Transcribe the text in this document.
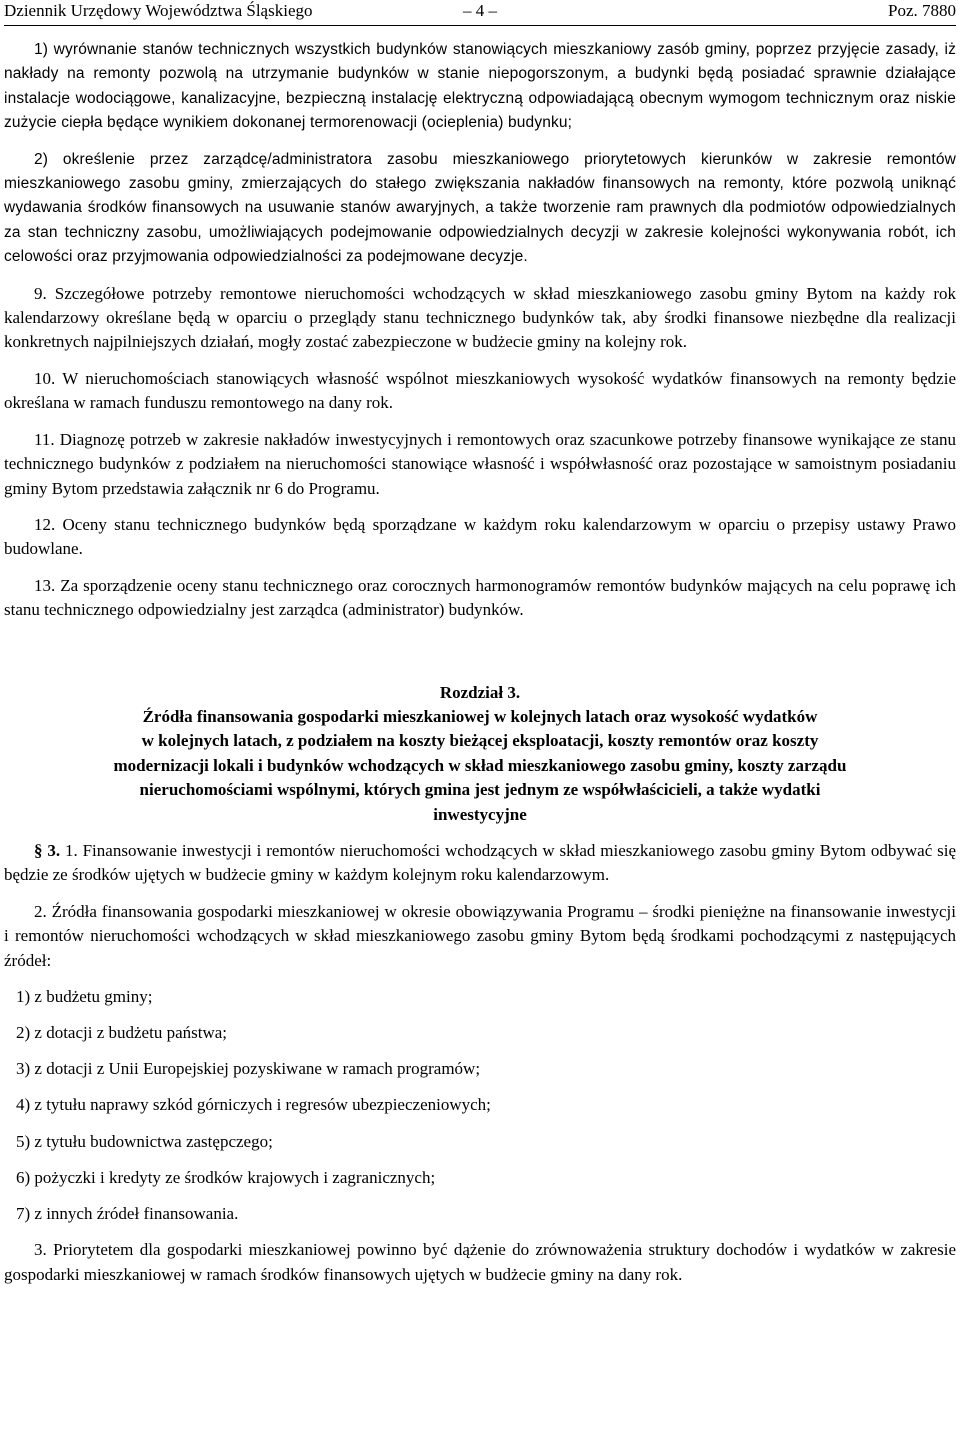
Dziennik Urzędowy Województwa Śląskiego	– 4 –	Poz. 7880

1) wyrównanie stanów technicznych wszystkich budynków stanowiących mieszkaniowy zasób gminy, poprzez przyjęcie zasady, iż nakłady na remonty pozwolą na utrzymanie budynków w stanie niepogorszonym, a budynki będą posiadać sprawnie działające instalacje wodociągowe, kanalizacyjne, bezpieczną instalację elektryczną odpowiadającą obecnym wymogom technicznym oraz niskie zużycie ciepła będące wynikiem dokonanej termorenowacji (ocieplenia) budynku;

2) określenie przez zarządcę/administratora zasobu mieszkaniowego priorytetowych kierunków w zakresie remontów mieszkaniowego zasobu gminy, zmierzających do stałego zwiększania nakładów finansowych na remonty, które pozwolą uniknąć wydawania środków finansowych na usuwanie stanów awaryjnych, a także tworzenie ram prawnych dla podmiotów odpowiedzialnych za stan techniczny zasobu, umożliwiających podejmowanie odpowiedzialnych decyzji w zakresie kolejności wykonywania robót, ich celowości oraz przyjmowania odpowiedzialności za podejmowane decyzje.

9. Szczegółowe potrzeby remontowe nieruchomości wchodzących w skład mieszkaniowego zasobu gminy Bytom na każdy rok kalendarzowy określane będą w oparciu o przeglądy stanu technicznego budynków tak, aby środki finansowe niezbędne dla realizacji konkretnych najpilniejszych działań, mogły zostać zabezpieczone w budżecie gminy na kolejny rok.

10. W nieruchomościach stanowiących własność wspólnot mieszkaniowych wysokość wydatków finansowych na remonty będzie określana w ramach funduszu remontowego na dany rok.

11. Diagnozę potrzeb w zakresie nakładów inwestycyjnych i remontowych oraz szacunkowe potrzeby finansowe wynikające ze stanu technicznego budynków z podziałem na nieruchomości stanowiące własność i współwłasność oraz pozostające w samoistnym posiadaniu gminy Bytom przedstawia załącznik nr 6 do Programu.

12. Oceny stanu technicznego budynków będą sporządzane w każdym roku kalendarzowym w oparciu o przepisy ustawy Prawo budowlane.

13. Za sporządzenie oceny stanu technicznego oraz corocznych harmonogramów remontów budynków mających na celu poprawę ich stanu technicznego odpowiedzialny jest zarządca (administrator) budynków.

Rozdział 3.

Źródła finansowania gospodarki mieszkaniowej w kolejnych latach oraz wysokość wydatków

w kolejnych latach, z podziałem na koszty bieżącej eksploatacji, koszty remontów oraz koszty

modernizacji lokali i budynków wchodzących w skład mieszkaniowego zasobu gminy, koszty zarządu

nieruchomościami wspólnymi, których gmina jest jednym ze współwłaścicieli, a także wydatki

inwestycyjne

§ 3. 1. Finansowanie inwestycji i remontów nieruchomości wchodzących w skład mieszkaniowego zasobu gminy Bytom odbywać się będzie ze środków ujętych w budżecie gminy w każdym kolejnym roku kalendarzowym.

2. Źródła finansowania gospodarki mieszkaniowej w okresie obowiązywania Programu – środki pieniężne na finansowanie inwestycji i remontów nieruchomości wchodzących w skład mieszkaniowego zasobu gminy Bytom będą środkami pochodzącymi z następujących źródeł:

1) z budżetu gminy;

2) z dotacji z budżetu państwa;

3) z dotacji z Unii Europejskiej pozyskiwane w ramach programów;

4) z tytułu naprawy szkód górniczych i regresów ubezpieczeniowych;

5) z tytułu budownictwa zastępczego;

6) pożyczki i kredyty ze środków krajowych i zagranicznych;

7) z innych źródeł finansowania.

3. Priorytetem dla gospodarki mieszkaniowej powinno być dążenie do zrównoważenia struktury dochodów i wydatków w zakresie gospodarki mieszkaniowej w ramach środków finansowych ujętych w budżecie gminy na dany rok.
